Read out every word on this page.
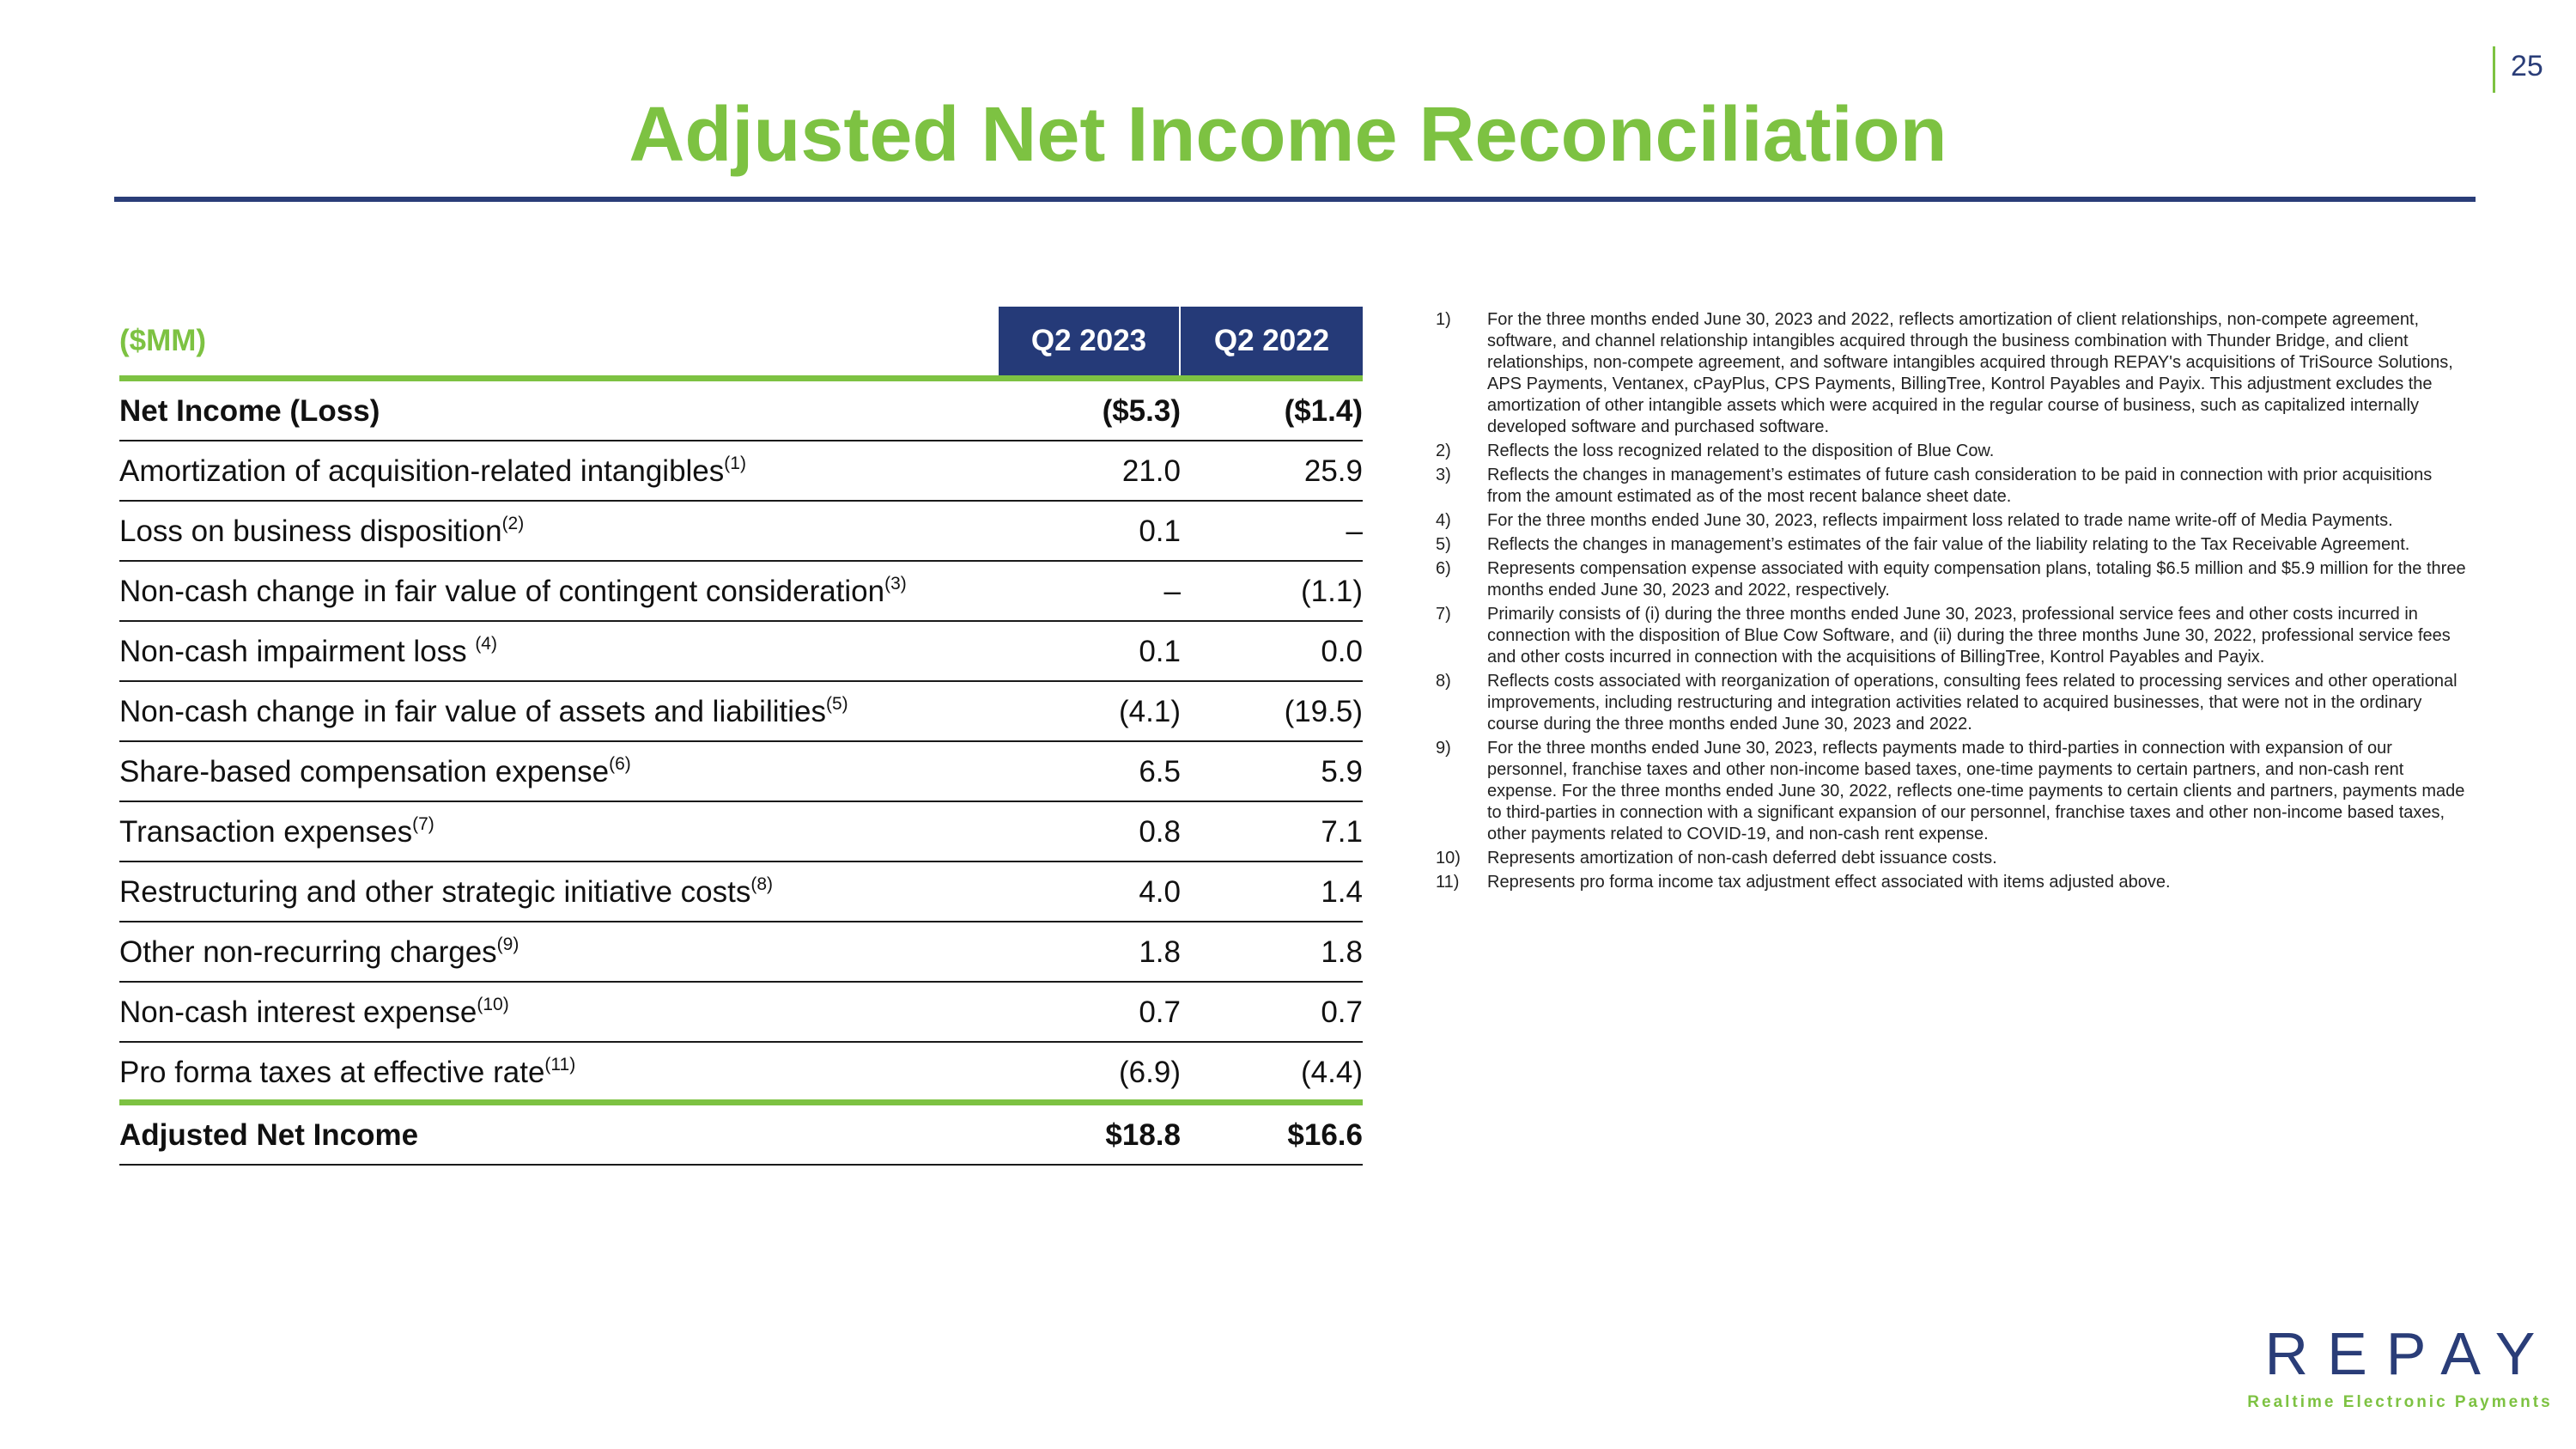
25
Adjusted Net Income Reconciliation
($MM)	Q2 2023	Q2 2022
Net Income (Loss)	($5.3)	($1.4)
Amortization of acquisition-related intangibles$^{(1)}$	21.0	25.9
Loss on business disposition$^{(2)}$	0.1	–
Non-cash change in fair value of contingent consideration$^{(3)}$	–	(1.1)
Non-cash impairment loss $^{(4)}$	0.1	0.0
Non-cash change in fair value of assets and liabilities$^{(5)}$	(4.1)	(19.5)
Share-based compensation expense$^{(6)}$	6.5	5.9
Transaction expenses$^{(7)}$	0.8	7.1
Restructuring and other strategic initiative costs$^{(8)}$	4.0	1.4
Other non-recurring charges$^{(9)}$	1.8	1.8
Non-cash interest expense$^{(10)}$	0.7	0.7
Pro forma taxes at effective rate$^{(11)}$	(6.9)	(4.4)
Adjusted Net Income	$18.8	$16.6
1)	For the three months ended June 30, 2023 and 2022, reflects amortization of client relationships, non-compete agreement, software, and channel relationship intangibles acquired through the business combination with Thunder Bridge, and client relationships, non-compete agreement, and software intangibles acquired through REPAY's acquisitions of TriSource Solutions, APS Payments, Ventanex, cPayPlus, CPS Payments, BillingTree, Kontrol Payables and Payix. This adjustment excludes the amortization of other intangible assets which were acquired in the regular course of business, such as capitalized internally developed software and purchased software.
2)	Reflects the loss recognized related to the disposition of Blue Cow.
3)	Reflects the changes in management’s estimates of future cash consideration to be paid in connection with prior acquisitions from the amount estimated as of the most recent balance sheet date.
4)	For the three months ended June 30, 2023, reflects impairment loss related to trade name write-off of Media Payments.
5)	Reflects the changes in management’s estimates of the fair value of the liability relating to the Tax Receivable Agreement.
6)	Represents compensation expense associated with equity compensation plans, totaling $6.5 million and $5.9 million for the three months ended June 30, 2023 and 2022, respectively.
7)	Primarily consists of (i) during the three months ended June 30, 2023, professional service fees and other costs incurred in connection with the disposition of Blue Cow Software, and (ii) during the three months June 30, 2022, professional service fees and other costs incurred in connection with the acquisitions of BillingTree, Kontrol Payables and Payix.
8)	Reflects costs associated with reorganization of operations, consulting fees related to processing services and other operational improvements, including restructuring and integration activities related to acquired businesses, that were not in the ordinary course during the three months ended June 30, 2023 and 2022.
9)	For the three months ended June 30, 2023, reflects payments made to third-parties in connection with expansion of our personnel, franchise taxes and other non-income based taxes, one-time payments to certain partners, and non-cash rent expense. For the three months ended June 30, 2022, reflects one-time payments to certain clients and partners, payments made to third-parties in connection with a significant expansion of our personnel, franchise taxes and other non-income based taxes, other payments related to COVID-19, and non-cash rent expense.
10)	Represents amortization of non-cash deferred debt issuance costs.
11)	Represents pro forma income tax adjustment effect associated with items adjusted above.
REPAY
Realtime Electronic Payments
